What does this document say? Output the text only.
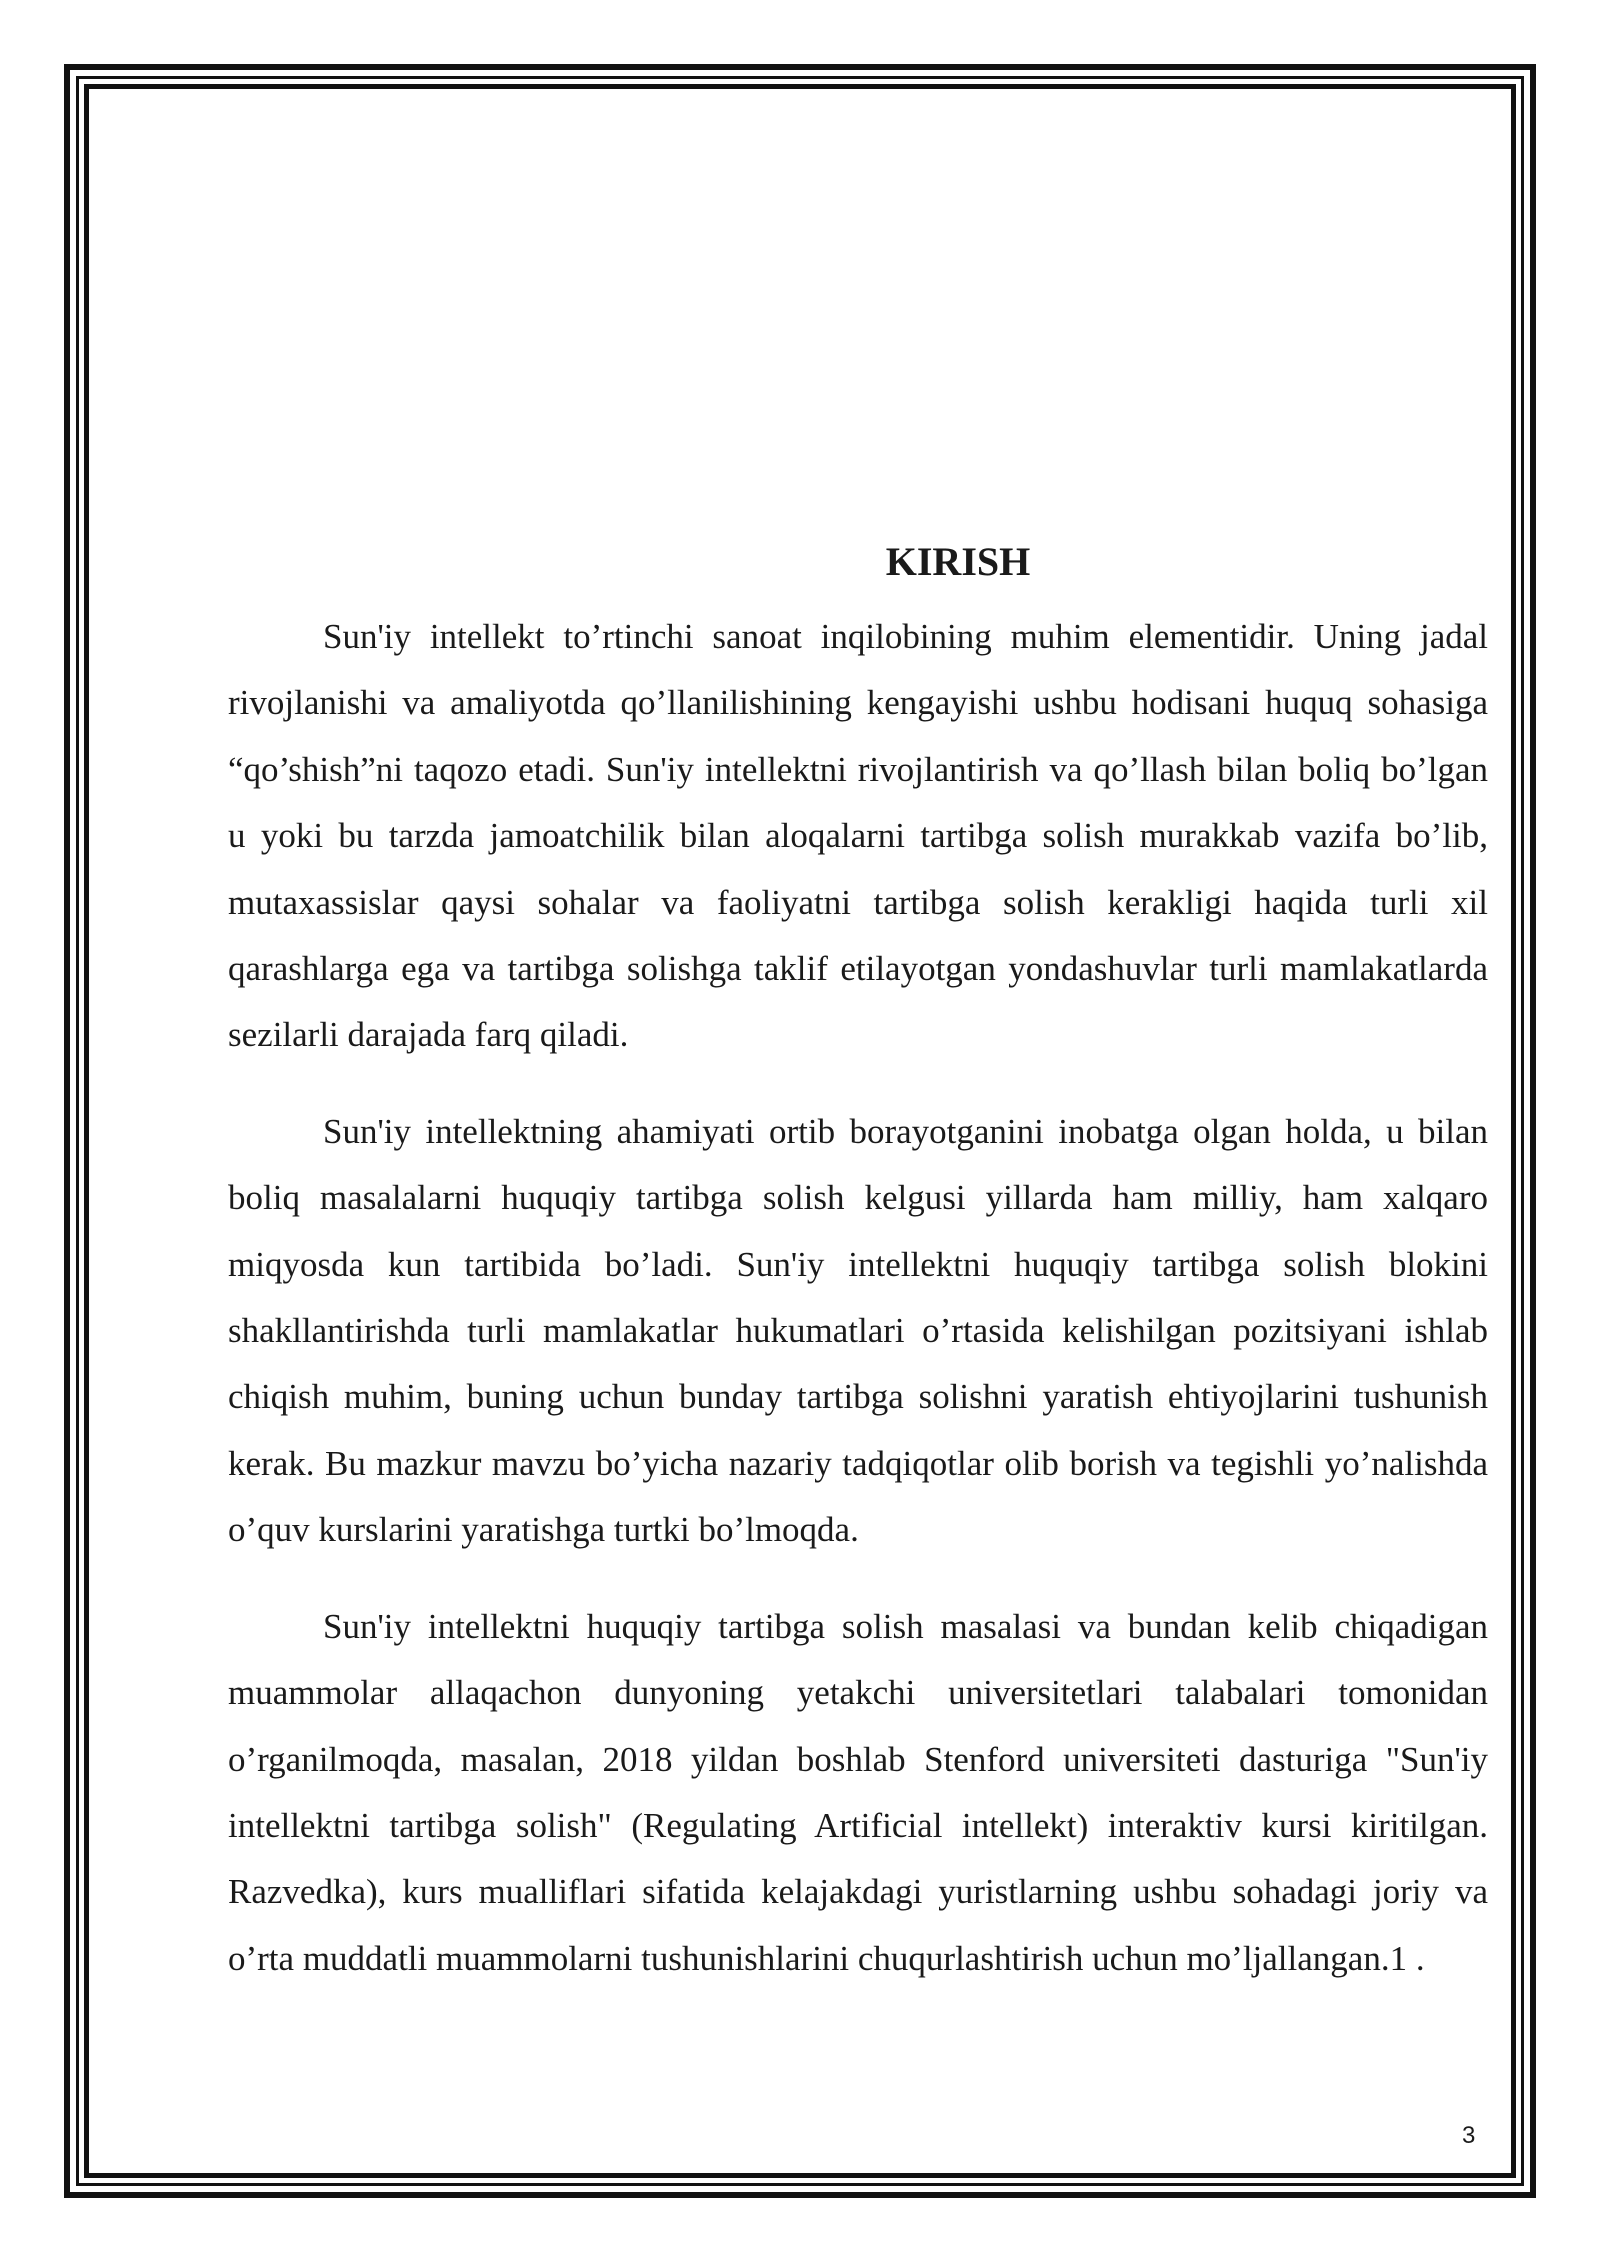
KIRISH

Sun'iy intellekt to’rtinchi sanoat inqilobining muhim elementidir. Uning jadal rivojlanishi va amaliyotda qo’llanilishining kengayishi ushbu hodisani huquq sohasiga “qo’shish”ni taqozo etadi. Sun'iy intellektni rivojlantirish va qo’llash bilan boliq bo’lgan u yoki bu tarzda jamoatchilik bilan aloqalarni tartibga solish murakkab vazifa bo’lib, mutaxassislar qaysi sohalar va faoliyatni tartibga solish kerakligi haqida turli xil qarashlarga ega va tartibga solishga taklif etilayotgan yondashuvlar turli mamlakatlarda sezilarli darajada farq qiladi.

Sun'iy intellektning ahamiyati ortib borayotganini inobatga olgan holda, u bilan boliq masalalarni huquqiy tartibga solish kelgusi yillarda ham milliy, ham xalqaro miqyosda kun tartibida bo’ladi. Sun'iy intellektni huquqiy tartibga solish blokini shakllantirishda turli mamlakatlar hukumatlari o’rtasida kelishilgan pozitsiyani ishlab chiqish muhim, buning uchun bunday tartibga solishni yaratish ehtiyojlarini tushunish kerak. Bu mazkur mavzu bo’yicha nazariy tadqiqotlar olib borish va tegishli yo’nalishda o’quv kurslarini yaratishga turtki bo’lmoqda.

Sun'iy intellektni huquqiy tartibga solish masalasi va bundan kelib chiqadigan muammolar allaqachon dunyoning yetakchi universitetlari talabalari tomonidan o’rganilmoqda, masalan, 2018 yildan boshlab Stenford universiteti dasturiga "Sun'iy intellektni tartibga solish" (Regulating Artificial intellekt) interaktiv kursi kiritilgan. Razvedka), kurs mualliflari sifatida kelajakdagi yuristlarning ushbu sohadagi joriy va o’rta muddatli muammolarni tushunishlarini chuqurlashtirish uchun mo’ljallangan.1 .

3
